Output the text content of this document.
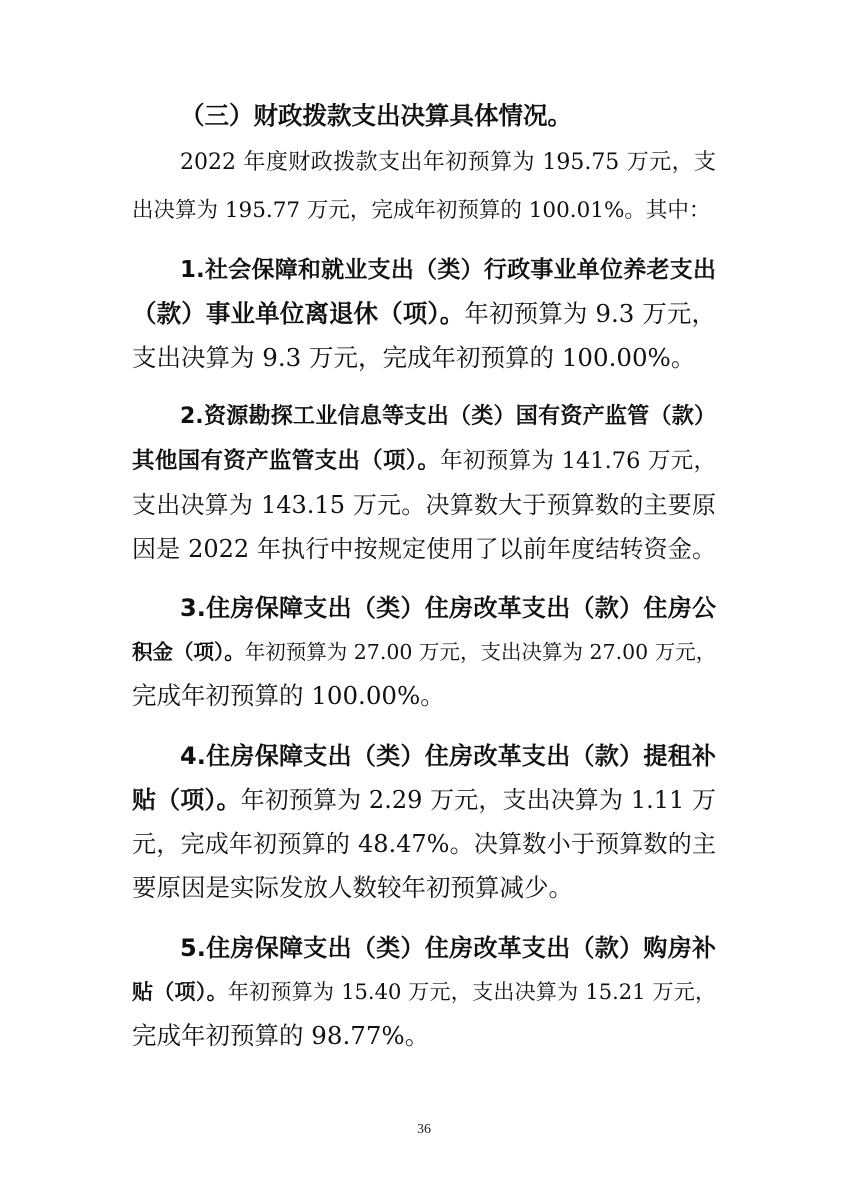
（三）财政拨款支出决算具体情况。
2022 年度财政拨款支出年初预算为 195.75 万元，支
出决算为 195.77 万元，完成年初预算的 100.01%。其中：
1.社会保障和就业支出（类）行政事业单位养老支出
（款）事业单位离退休（项）。年初预算为 9.3 万元，
支出决算为 9.3 万元，完成年初预算的 100.00%。
2.资源勘探工业信息等支出（类）国有资产监管（款）
其他国有资产监管支出（项）。年初预算为 141.76 万元，
支出决算为 143.15 万元。决算数大于预算数的主要原
因是 2022 年执行中按规定使用了以前年度结转资金。
3.住房保障支出（类）住房改革支出（款）住房公
积金（项）。年初预算为 27.00 万元，支出决算为 27.00 万元，
完成年初预算的 100.00%。
4.住房保障支出（类）住房改革支出（款）提租补
贴（项）。年初预算为 2.29 万元，支出决算为 1.11 万
元，完成年初预算的 48.47%。决算数小于预算数的主
要原因是实际发放人数较年初预算减少。
5.住房保障支出（类）住房改革支出（款）购房补
贴（项）。年初预算为 15.40 万元，支出决算为 15.21 万元，
完成年初预算的 98.77%。
36
